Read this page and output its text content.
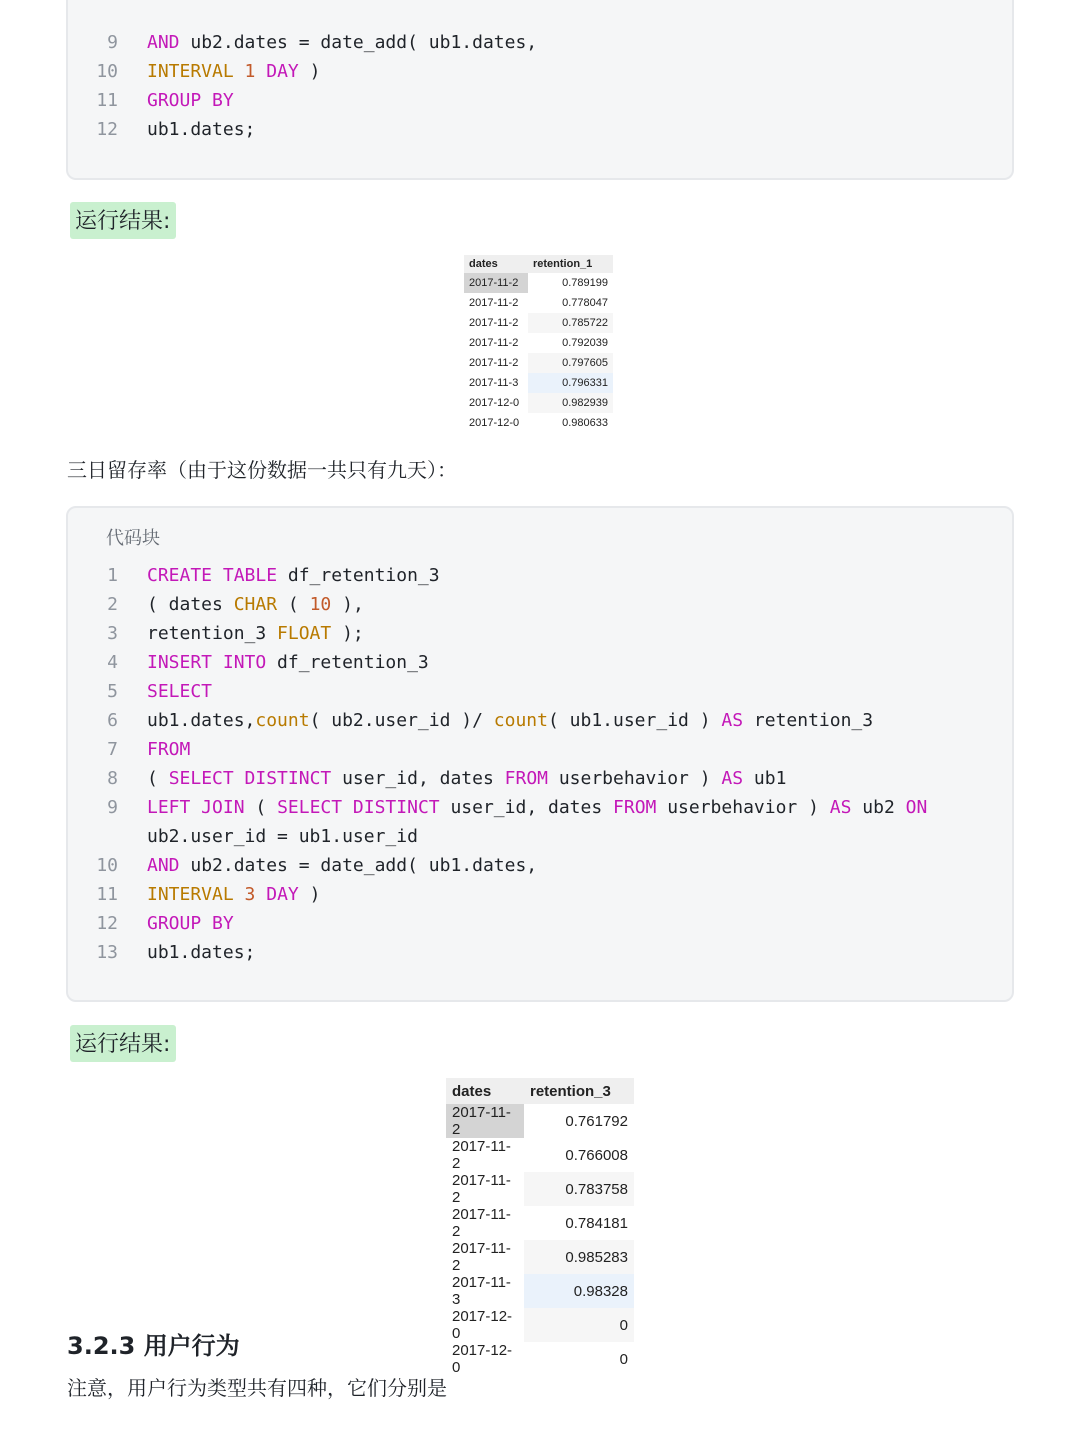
9 AND ub2.dates = date_add( ub1.dates,
10 INTERVAL 1 DAY )
11 GROUP BY
12 ub1.dates;
运行结果:
dates	retention_1
2017-11-2	0.789199
2017-11-2	0.778047
2017-11-2	0.785722
2017-11-2	0.792039
2017-11-2	0.797605
2017-11-3	0.796331
2017-12-0	0.982939
2017-12-0	0.980633
三日留存率（由于这份数据一共只有九天）：
代码块
1 CREATE TABLE df_retention_3
2 ( dates CHAR ( 10 ),
3 retention_3 FLOAT );
4 INSERT INTO df_retention_3
5 SELECT
6 ub1.dates,count( ub2.user_id )/ count( ub1.user_id ) AS retention_3
7 FROM
8 ( SELECT DISTINCT user_id, dates FROM userbehavior ) AS ub1
9 LEFT JOIN ( SELECT DISTINCT user_id, dates FROM userbehavior ) AS ub2 ON
ub2.user_id = ub1.user_id
10 AND ub2.dates = date_add( ub1.dates,
11 INTERVAL 3 DAY )
12 GROUP BY
13 ub1.dates;
运行结果:
dates	retention_3
2017-11-2	0.761792
2017-11-2	0.766008
2017-11-2	0.783758
2017-11-2	0.784181
2017-11-2	0.985283
2017-11-3	0.98328
2017-12-0	0
2017-12-0	0
3.2.3 用户行为
注意，用户行为类型共有四种，它们分别是
